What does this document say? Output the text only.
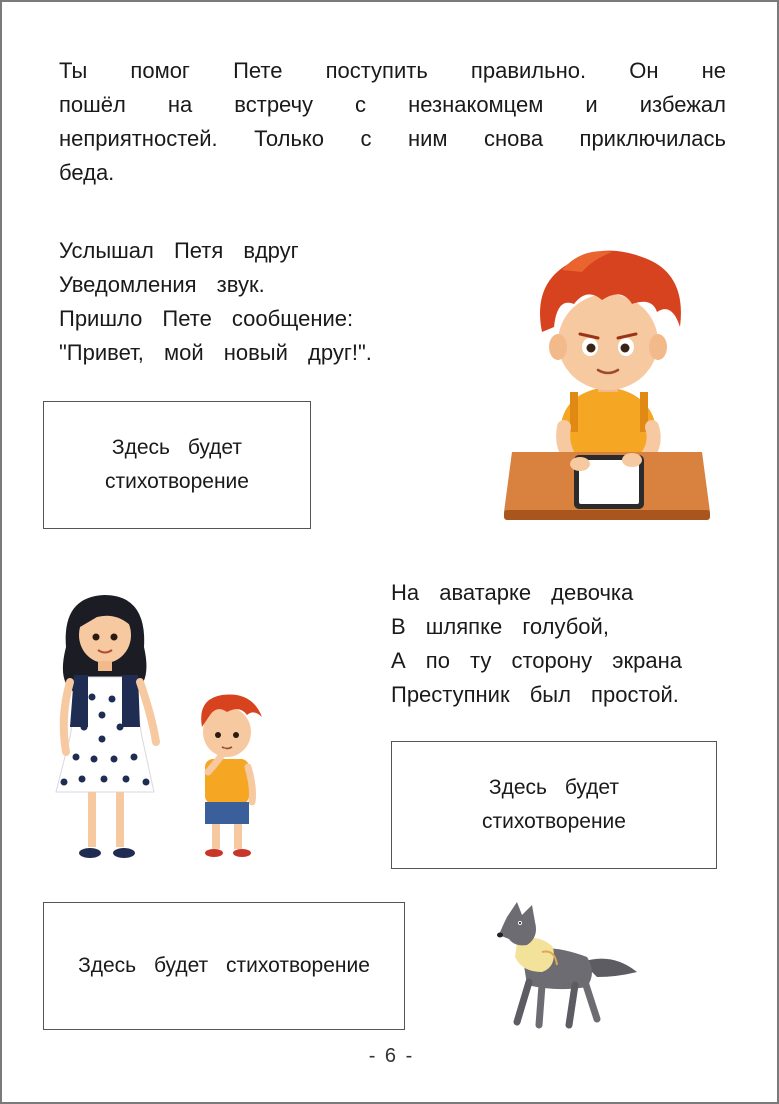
Ты помог Пете поступить правильно. Он не
пошёл на встречу с незнакомцем и избежал
неприятностей. Только с ним снова приключилась
беда.
Услышал Петя вдруг
Уведомления звук.
Пришло Пете сообщение:
"Привет, мой новый друг!".
Здесь будет
стихотворение
На аватарке девочка
В шляпке голубой,
А по ту сторону экрана
Преступник был простой.
Здесь будет
стихотворение
Здесь будет стихотворение
- 6 -
